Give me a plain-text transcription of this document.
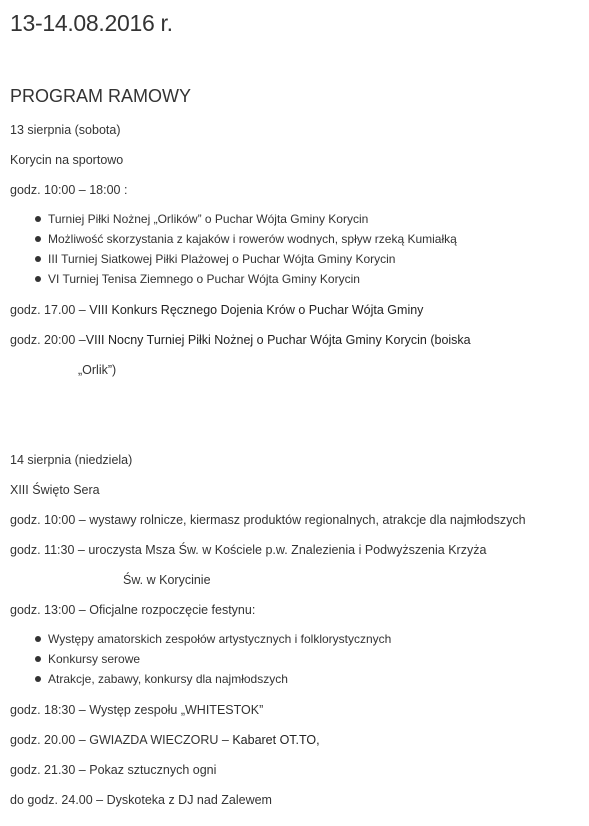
13-14.08.2016 r.
PROGRAM RAMOWY
13 sierpnia (sobota)
Korycin na sportowo
godz. 10:00 – 18:00 :
Turniej Piłki Nożnej „Orlików” o Puchar Wójta Gminy Korycin
Możliwość skorzystania z kajaków i rowerów wodnych, spływ rzeką Kumiałką
III Turniej Siatkowej Piłki Plażowej o Puchar Wójta Gminy Korycin
VI Turniej Tenisa Ziemnego o Puchar Wójta Gminy Korycin
godz. 17.00 – VIII Konkurs Ręcznego Dojenia Krów o Puchar Wójta Gminy
godz. 20:00 –VIII Nocny Turniej Piłki Nożnej o Puchar Wójta Gminy Korycin (boiska
„Orlik”)
14 sierpnia (niedziela)
XIII Święto Sera
godz. 10:00 – wystawy rolnicze, kiermasz produktów regionalnych, atrakcje dla najmłodszych
godz. 11:30 – uroczysta Msza Św. w Kościele p.w. Znalezienia i Podwyższenia Krzyża
Św. w Korycinie
godz. 13:00 – Oficjalne rozpoczęcie festynu:
Występy amatorskich zespołów artystycznych i folklorystycznych
Konkursy serowe
Atrakcje, zabawy, konkursy dla najmłodszych
godz. 18:30 – Występ zespołu „WHITESTOK”
godz. 20.00 – GWIAZDA WIECZORU – Kabaret OT.TO,
godz. 21.30 – Pokaz sztucznych ogni
do godz. 24.00 – Dyskoteka z DJ nad Zalewem
